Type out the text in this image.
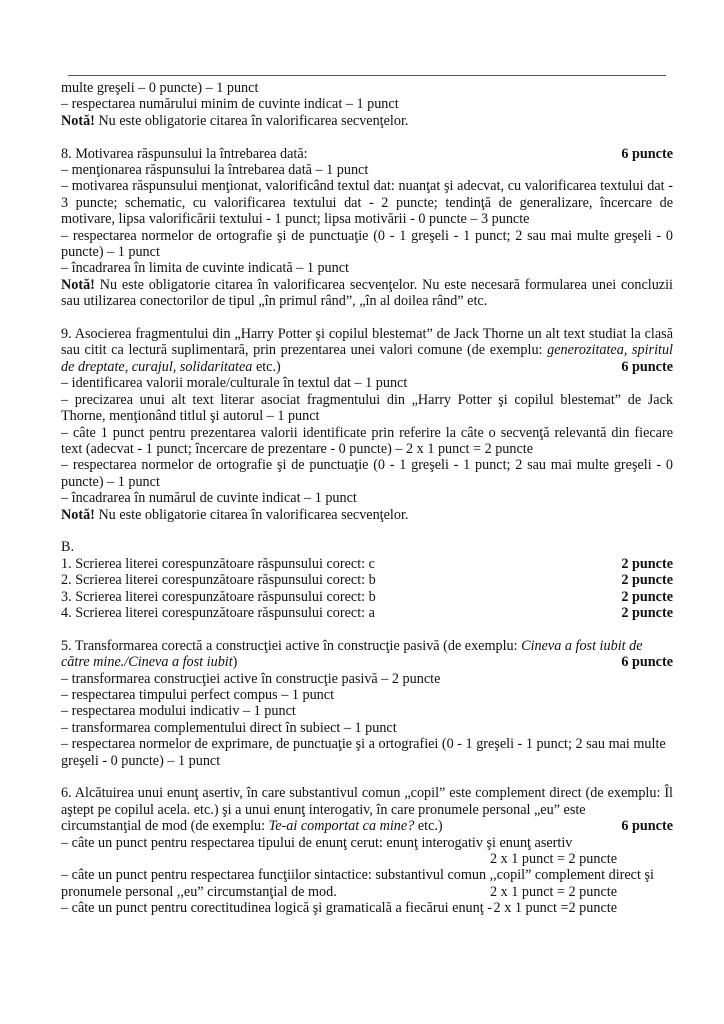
multe greşeli – 0 puncte) – 1 punct
– respectarea numărului minim de cuvinte indicat – 1 punct
Notă! Nu este obligatorie citarea în valorificarea secvenţelor.
8. Motivarea răspunsului la întrebarea dată:	6 puncte
– menţionarea răspunsului la întrebarea dată – 1 punct
– motivarea răspunsului menţionat, valorificând textul dat: nuanţat şi adecvat, cu valorificarea textului dat - 3 puncte; schematic, cu valorificarea textului dat - 2 puncte; tendinţă de generalizare, încercare de motivare, lipsa valorificării textului - 1 punct; lipsa motivării - 0 puncte – 3 puncte
– respectarea normelor de ortografie şi de punctuaţie (0 - 1 greşeli - 1 punct; 2 sau mai multe greşeli - 0 puncte) – 1 punct
– încadrarea în limita de cuvinte indicată – 1 punct
Notă! Nu este obligatorie citarea în valorificarea secvenţelor. Nu este necesară formularea unei concluzii sau utilizarea conectorilor de tipul „în primul rând”, „în al doilea rând” etc.
9. Asocierea fragmentului din „Harry Potter şi copilul blestemat” de Jack Thorne un alt text studiat la clasă sau citit ca lectură suplimentară, prin prezentarea unei valori comune (de exemplu: generozitatea, spiritul de dreptate, curajul, solidaritatea etc.)	6 puncte
– identificarea valorii morale/culturale în textul dat – 1 punct
– precizarea unui alt text literar asociat fragmentului din „Harry Potter şi copilul blestemat” de Jack Thorne, menţionând titlul şi autorul – 1 punct
– câte 1 punct pentru prezentarea valorii identificate prin referire la câte o secvenţă relevantă din fiecare text (adecvat - 1 punct; încercare de prezentare - 0 puncte) – 2 x 1 punct = 2 puncte
– respectarea normelor de ortografie şi de punctuaţie (0 - 1 greşeli - 1 punct; 2 sau mai multe greşeli - 0 puncte) – 1 punct
– încadrarea în numărul de cuvinte indicat – 1 punct
Notă! Nu este obligatorie citarea în valorificarea secvenţelor.
B.
1. Scrierea literei corespunzătoare răspunsului corect: c	2 puncte
2. Scrierea literei corespunzătoare răspunsului corect: b	2 puncte
3. Scrierea literei corespunzătoare răspunsului corect: b	2 puncte
4. Scrierea literei corespunzătoare răspunsului corect: a	2 puncte
5. Transformarea corectă a construcţiei active în construcţie pasivă (de exemplu: Cineva a fost iubit de
către mine./Cineva a fost iubit)	6 puncte
– transformarea construcţiei active în construcţie pasivă – 2 puncte
– respectarea timpului perfect compus – 1 punct
– respectarea modului indicativ – 1 punct
– transformarea complementului direct în subiect – 1 punct
– respectarea normelor de exprimare, de punctuaţie şi a ortografiei (0 - 1 greşeli - 1 punct; 2 sau mai multe
greşeli - 0 puncte) – 1 punct
6. Alcătuirea unui enunţ asertiv, în care substantivul comun „copil” este complement direct (de exemplu: Îl aştept pe copilul acela. etc.) şi a unui enunţ interogativ, în care pronumele personal „eu” este
circumstanţial de mod (de exemplu: Te-ai comportat ca mine? etc.)	6 puncte
– câte un punct pentru respectarea tipului de enunţ cerut: enunţ interogativ şi enunţ asertiv
2 x 1 punct = 2 puncte
– câte un punct pentru respectarea funcţiilor sintactice: substantivul comun ,,copil” complement direct şi
pronumele personal ,,eu” circumstanţial de mod.	2 x 1 punct = 2 puncte
– câte un punct pentru corectitudinea logică şi gramaticală a fiecărui enunţ - 2 x 1 punct =2 puncte
